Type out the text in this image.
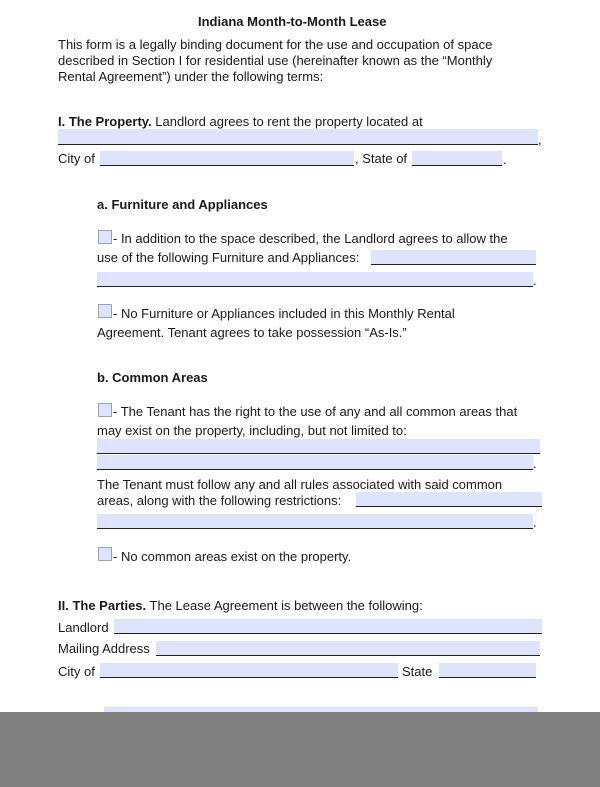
Indiana Month-to-Month Lease
This form is a legally binding document for the use and occupation of space
described in Section I for residential use (hereinafter known as the “Monthly
Rental Agreement”) under the following terms:
I. The Property. Landlord agrees to rent the property located at
,
City of	, State of	.
a. Furniture and Appliances
- In addition to the space described, the Landlord agrees to allow the
use of the following Furniture and Appliances:
.
- No Furniture or Appliances included in this Monthly Rental
Agreement. Tenant agrees to take possession “As-Is.”
b. Common Areas
- The Tenant has the right to the use of any and all common areas that
may exist on the property, including, but not limited to:
.
The Tenant must follow any and all rules associated with said common
areas, along with the following restrictions:
.
- No common areas exist on the property.
II. The Parties. The Lease Agreement is between the following:
Landlord
Mailing Address
City of	State
